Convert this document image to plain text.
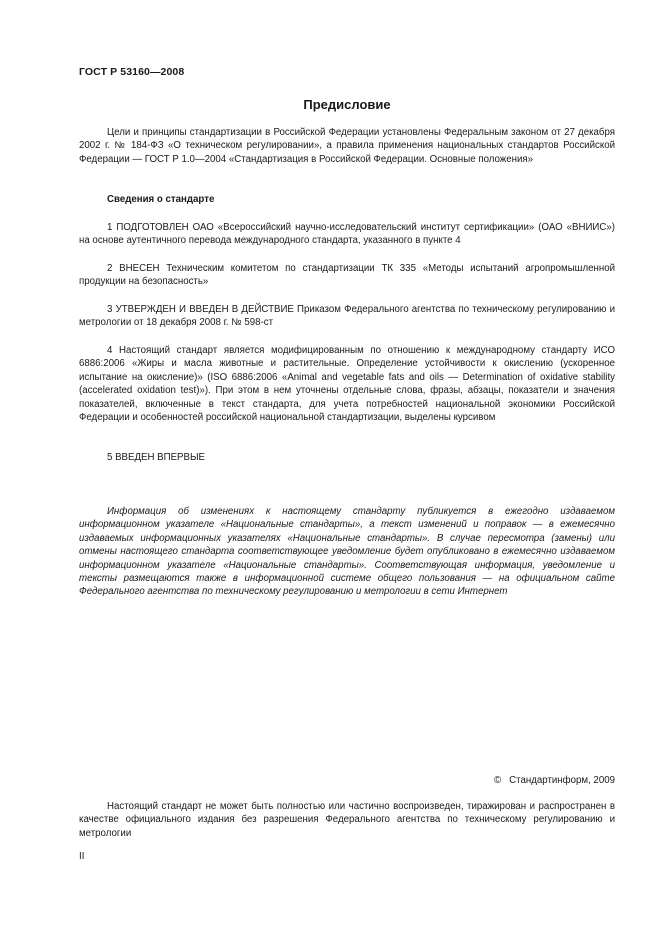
ГОСТ Р 53160—2008
Предисловие
Цели и принципы стандартизации в Российской Федерации установлены Федеральным законом от 27 декабря 2002 г. № 184-ФЗ «О техническом регулировании», а правила применения национальных стандартов Российской Федерации — ГОСТ Р 1.0—2004 «Стандартизация в Российской Федерации. Основные положения»
Сведения о стандарте
1 ПОДГОТОВЛЕН ОАО «Всероссийский научно-исследовательский институт сертификации» (ОАО «ВНИИС») на основе аутентичного перевода международного стандарта, указанного в пункте 4
2 ВНЕСЕН Техническим комитетом по стандартизации ТК 335 «Методы испытаний агропромышленной продукции на безопасность»
3 УТВЕРЖДЕН И ВВЕДЕН В ДЕЙСТВИЕ Приказом Федерального агентства по техническому регулированию и метрологии от 18 декабря 2008 г. № 598-ст
4 Настоящий стандарт является модифицированным по отношению к международному стандарту ИСО 6886:2006 «Жиры и масла животные и растительные. Определение устойчивости к окислению (ускоренное испытание на окисление)» (ISO 6886:2006 «Animal and vegetable fats and oils — Determination of oxidative stability (accelerated oxidation test)»). При этом в нем уточнены отдельные слова, фразы, абзацы, показатели и значения показателей, включенные в текст стандарта, для учета потребностей национальной экономики Российской Федерации и особенностей российской национальной стандартизации, выделены курсивом
5 ВВЕДЕН ВПЕРВЫЕ
Информация об изменениях к настоящему стандарту публикуется в ежегодно издаваемом информационном указателе «Национальные стандарты», а текст изменений и поправок — в ежемесячно издаваемых информационных указателях «Национальные стандарты». В случае пересмотра (замены) или отмены настоящего стандарта соответствующее уведомление будет опубликовано в ежемесячно издаваемом информационном указателе «Национальные стандарты». Соответствующая информация, уведомление и тексты размещаются также в информационной системе общего пользования — на официальном сайте Федерального агентства по техническому регулированию и метрологии в сети Интернет
© Стандартинформ, 2009
Настоящий стандарт не может быть полностью или частично воспроизведен, тиражирован и распространен в качестве официального издания без разрешения Федерального агентства по техническому регулированию и метрологии
II
